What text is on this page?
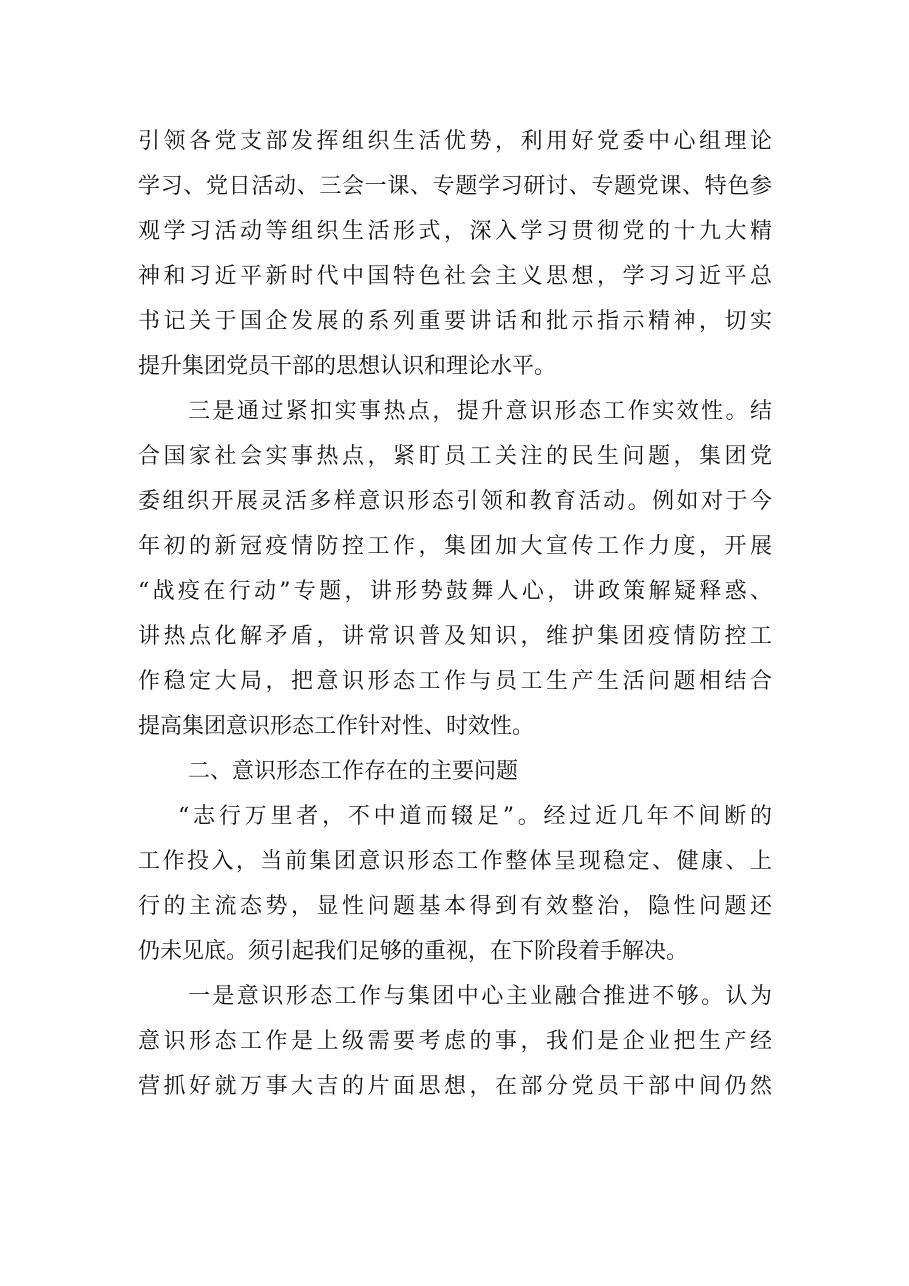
引领各党支部发挥组织生活优势，利用好党委中心组理论
学习、党日活动、三会一课、专题学习研讨、专题党课、特色参
观学习活动等组织生活形式，深入学习贯彻党的十九大精
神和习近平新时代中国特色社会主义思想，学习习近平总
书记关于国企发展的系列重要讲话和批示指示精神，切实
提升集团党员干部的思想认识和理论水平。
三是通过紧扣实事热点，提升意识形态工作实效性。结
合国家社会实事热点，紧盯员工关注的民生问题，集团党
委组织开展灵活多样意识形态引领和教育活动。例如对于今
年初的新冠疫情防控工作，集团加大宣传工作力度，开展
“战疫在行动”专题，讲形势鼓舞人心，讲政策解疑释惑、
讲热点化解矛盾，讲常识普及知识，维护集团疫情防控工
作稳定大局，把意识形态工作与员工生产生活问题相结合
提高集团意识形态工作针对性、时效性。
二、意识形态工作存在的主要问题
“志行万里者，不中道而辍足”。经过近几年不间断的
工作投入，当前集团意识形态工作整体呈现稳定、健康、上
行的主流态势，显性问题基本得到有效整治，隐性问题还
仍未见底。须引起我们足够的重视，在下阶段着手解决。
一是意识形态工作与集团中心主业融合推进不够。认为
意识形态工作是上级需要考虑的事，我们是企业把生产经
营抓好就万事大吉的片面思想，在部分党员干部中间仍然
